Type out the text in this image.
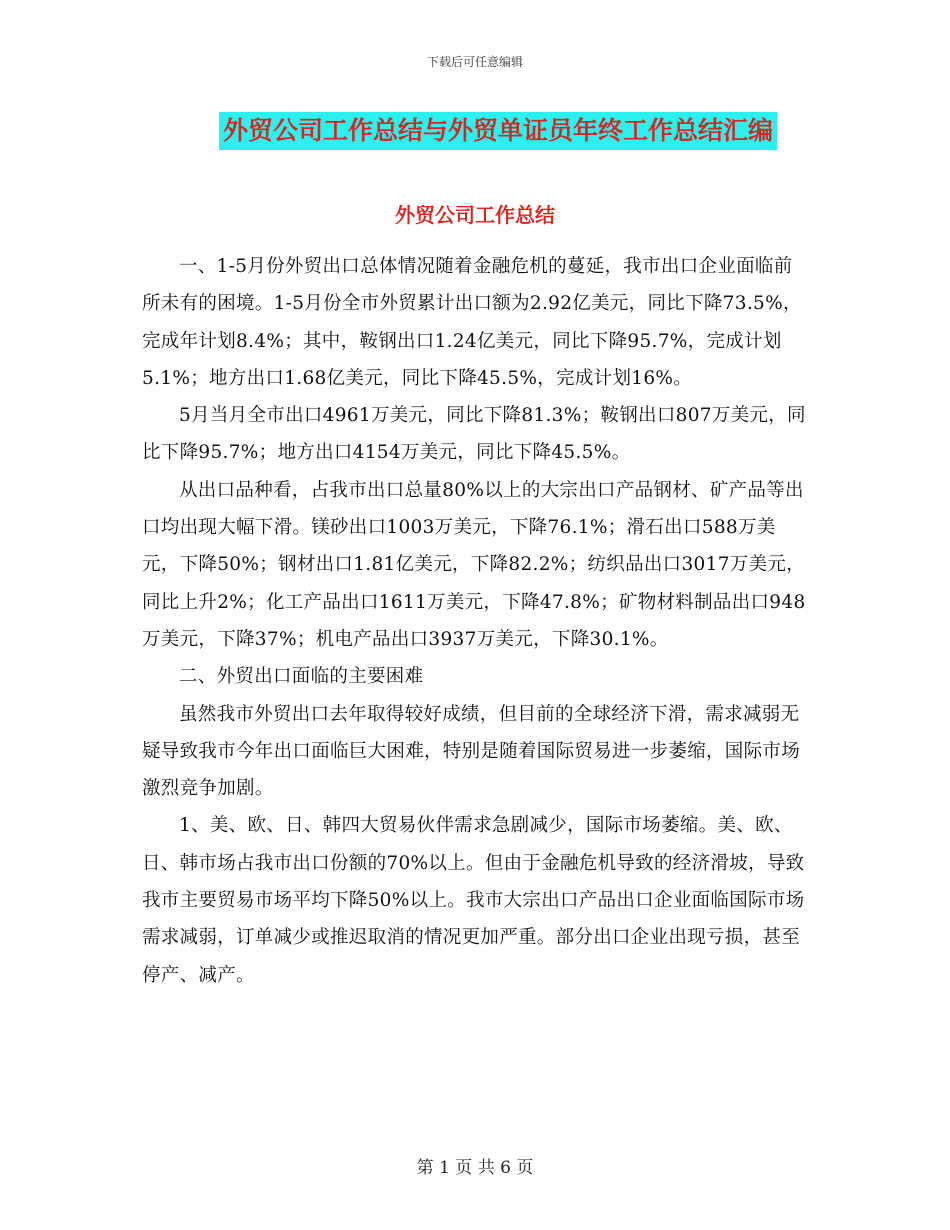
下载后可任意编辑
外贸公司工作总结与外贸单证员年终工作总结汇编
外贸公司工作总结

一、1-5月份外贸出口总体情况随着金融危机的蔓延，我市出口企业面临前所未有的困境。1-5月份全市外贸累计出口额为2.92亿美元，同比下降73.5%，完成年计划8.4%；其中，鞍钢出口1.24亿美元，同比下降95.7%，完成计划5.1%；地方出口1.68亿美元，同比下降45.5%，完成计划16%。

5月当月全市出口4961万美元，同比下降81.3%；鞍钢出口807万美元，同比下降95.7%；地方出口4154万美元，同比下降45.5%。

从出口品种看，占我市出口总量80%以上的大宗出口产品钢材、矿产品等出口均出现大幅下滑。镁砂出口1003万美元，下降76.1%；滑石出口588万美元，下降50%；钢材出口1.81亿美元，下降82.2%；纺织品出口3017万美元，同比上升2%；化工产品出口1611万美元，下降47.8%；矿物材料制品出口948万美元，下降37%；机电产品出口3937万美元，下降30.1%。

二、外贸出口面临的主要困难

虽然我市外贸出口去年取得较好成绩，但目前的全球经济下滑，需求减弱无疑导致我市今年出口面临巨大困难，特别是随着国际贸易进一步萎缩，国际市场激烈竞争加剧。

1、美、欧、日、韩四大贸易伙伴需求急剧减少，国际市场萎缩。美、欧、日、韩市场占我市出口份额的70%以上。但由于金融危机导致的经济滑坡，导致我市主要贸易市场平均下降50%以上。我市大宗出口产品出口企业面临国际市场需求减弱，订单减少或推迟取消的情况更加严重。部分出口企业出现亏损，甚至停产、减产。

第 1 页 共 6 页
